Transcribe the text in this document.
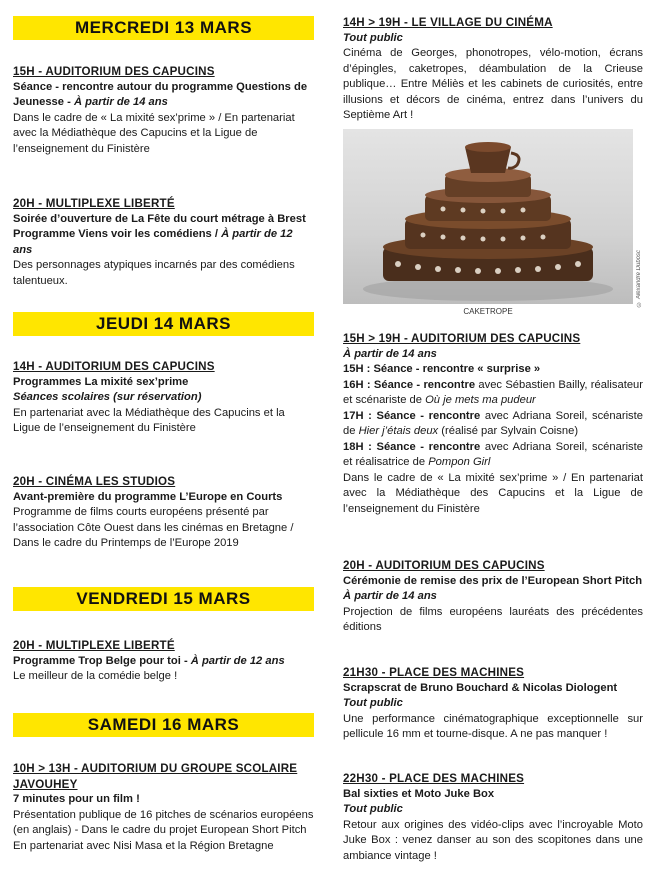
MERCREDI 13 MARS
15H - AUDITORIUM DES CAPUCINS
Séance - rencontre autour du programme Questions de
Jeunesse - À partir de 14 ans
Dans le cadre de « La mixité sex’prime » / En partenariat avec la Médiathèque des Capucins et la Ligue de l’enseignement du Finistère
20H - MULTIPLEXE LIBERTÉ
Soirée d’ouverture de La Fête du court métrage à Brest
Programme Viens voir les comédiens / À partir de 12 ans
Des personnages atypiques incarnés par des comédiens talentueux.
JEUDI 14 MARS
14H - AUDITORIUM DES CAPUCINS
Programmes La mixité sex’prime
Séances scolaires (sur réservation)
En partenariat avec la Médiathèque des Capucins et la Ligue de l’enseignement du Finistère
20H - CINÉMA LES STUDIOS
Avant-première du programme L’Europe en Courts
Programme de films courts européens présenté par l’association Côte Ouest dans les cinémas en Bretagne / Dans le cadre du Printemps de l’Europe 2019
VENDREDI 15 MARS
20H - MULTIPLEXE LIBERTÉ
Programme Trop Belge pour toi - À partir de 12 ans
Le meilleur de la comédie belge !
SAMEDI 16 MARS
10H > 13H - AUDITORIUM DU GROUPE SCOLAIRE JAVOUHEY
7 minutes pour un film !
Présentation publique de 16 pitches de scénarios européens (en anglais) - Dans le cadre du projet European Short Pitch En partenariat avec Nisi Masa et la Région Bretagne
14H > 19H - LE VILLAGE DU CINÉMA
Tout public
Cinéma de Georges, phonotropes, vélo-motion, écrans d’épingles, caketropes, déambulation de la Crieuse publique… Entre Méliès et les cabinets de curiosités, entre illusions et décors de cinéma, entrez dans l’univers du Septième Art !
© Alexandre Dubosc
CAKETROPE
15H > 19H - AUDITORIUM DES CAPUCINS
À partir de 14 ans
15H : Séance - rencontre « surprise »
16H : Séance - rencontre avec Sébastien Bailly, réalisateur et scénariste de Où je mets ma pudeur
17H : Séance - rencontre avec Adriana Soreil, scénariste de Hier j’étais deux (réalisé par Sylvain Coisne)
18H : Séance - rencontre avec Adriana Soreil, scénariste et réalisatrice de Pompon Girl
Dans le cadre de « La mixité sex’prime » / En partenariat avec la Médiathèque des Capucins et la Ligue de l’enseignement du Finistère
20H - AUDITORIUM DES CAPUCINS
Cérémonie de remise des prix de l’European Short Pitch
À partir de 14 ans
Projection de films européens lauréats des précédentes éditions
21H30 - PLACE DES MACHINES
Scrapscrat de Bruno Bouchard & Nicolas Diologent
Tout public
Une performance cinématographique exceptionnelle sur pellicule 16 mm et tourne-disque. A ne pas manquer !
22H30 - PLACE DES MACHINES
Bal sixties et Moto Juke Box
Tout public
Retour aux origines des vidéo-clips avec l’incroyable Moto Juke Box : venez danser au son des scopitones dans une ambiance vintage !
